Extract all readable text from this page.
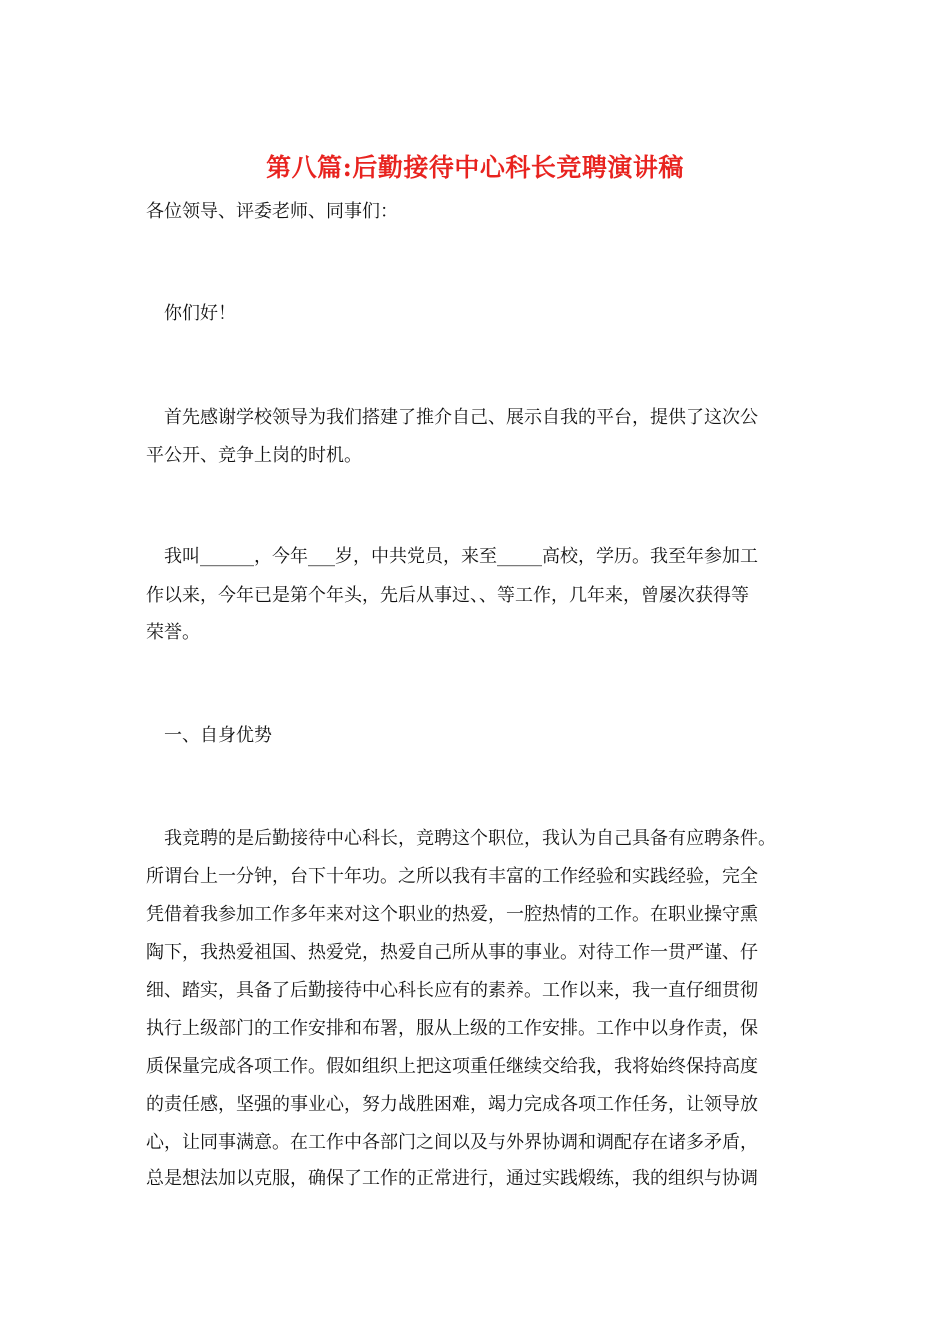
第八篇:后勤接待中心科长竞聘演讲稿
各位领导、评委老师、同事们：
你们好！
首先感谢学校领导为我们搭建了推介自己、展示自我的平台，提供了这次公
平公开、竞争上岗的时机。
我叫______，今年___岁，中共党员，来至_____高校，学历。我至年参加工
作以来，今年已是第个年头，先后从事过、、等工作，几年来，曾屡次获得等
荣誉。
一、自身优势
我竞聘的是后勤接待中心科长，竞聘这个职位，我认为自己具备有应聘条件。
所谓台上一分钟，台下十年功。之所以我有丰富的工作经验和实践经验，完全
凭借着我参加工作多年来对这个职业的热爱，一腔热情的工作。在职业操守熏
陶下，我热爱祖国、热爱党，热爱自己所从事的事业。对待工作一贯严谨、仔
细、踏实，具备了后勤接待中心科长应有的素养。工作以来，我一直仔细贯彻
执行上级部门的工作安排和布署，服从上级的工作安排。工作中以身作责，保
质保量完成各项工作。假如组织上把这项重任继续交给我，我将始终保持高度
的责任感，坚强的事业心，努力战胜困难，竭力完成各项工作任务，让领导放
心，让同事满意。在工作中各部门之间以及与外界协调和调配存在诸多矛盾，
总是想法加以克服，确保了工作的正常进行，通过实践煅练，我的组织与协调
